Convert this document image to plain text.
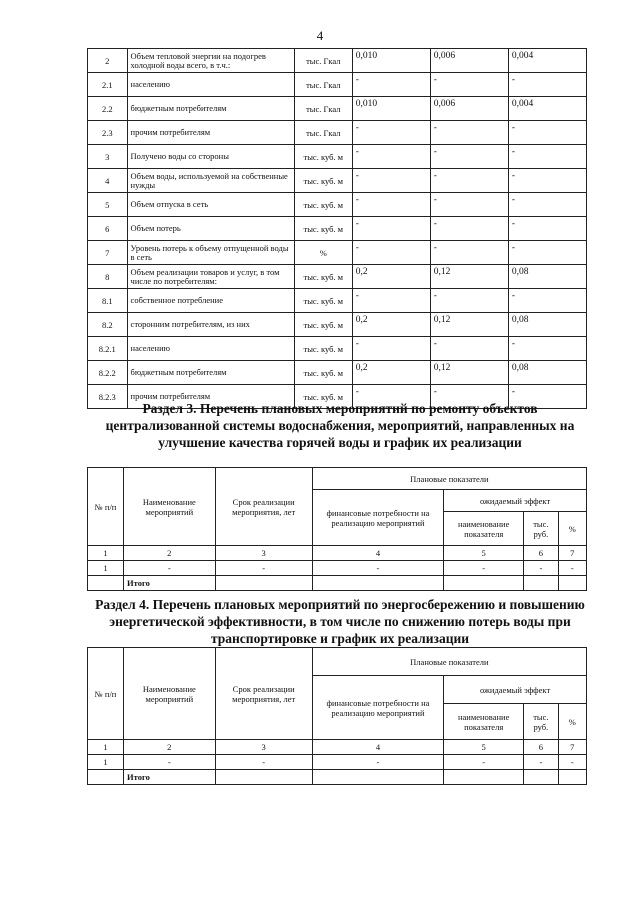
4
2	Объем тепловой энергии на подогрев холодной воды всего, в т.ч.:	тыс. Гкал	0,010	0,006	0,004
2.1	населению	тыс. Гкал	-	-	-
2.2	бюджетным потребителям	тыс. Гкал	0,010	0,006	0,004
2.3	прочим потребителям	тыс. Гкал	-	-	-
3	Получено воды со стороны	тыс. куб. м	-	-	-
4	Объем воды, используемой на собственные нужды	тыс. куб. м	-	-	-
5	Объем отпуска в сеть	тыс. куб. м	-	-	-
6	Объем потерь	тыс. куб. м	-	-	-
7	Уровень потерь к объему отпущенной воды в сеть	%	-	-	-
8	Объем реализации товаров и услуг, в том числе по потребителям:	тыс. куб. м	0,2	0,12	0,08
8.1	собственное потребление	тыс. куб. м	-	-	-
8.2	сторонним потребителям, из них	тыс. куб. м	0,2	0,12	0,08
8.2.1	населению	тыс. куб. м	-	-	-
8.2.2	бюджетным потребителям	тыс. куб. м	0,2	0,12	0,08
8.2.3	прочим потребителям	тыс. куб. м	-	-	-
Раздел 3. Перечень плановых мероприятий по ремонту объектов централизованной системы водоснабжения, мероприятий, направленных на улучшение качества горячей воды и график их реализации
№ п/п	Наименование мероприятий	Срок реализации мероприятия, лет	Плановые показатели			
			финансовые потребности на реализацию мероприятий	ожидаемый эффект		
				наименование показателя	тыс. руб.	%
1	2	3	4	5	6	7
1	-	-	-	-	-	-
	Итого					
Раздел 4. Перечень плановых мероприятий по энергосбережению и повышению энергетической эффективности, в том числе по снижению потерь воды при транспортировке и график их реализации
№ п/п	Наименование мероприятий	Срок реализации мероприятия, лет	Плановые показатели			
			финансовые потребности на реализацию мероприятий	ожидаемый эффект		
				наименование показателя	тыс. руб.	%
1	2	3	4	5	6	7
1	-	-	-	-	-	-
	Итого					
